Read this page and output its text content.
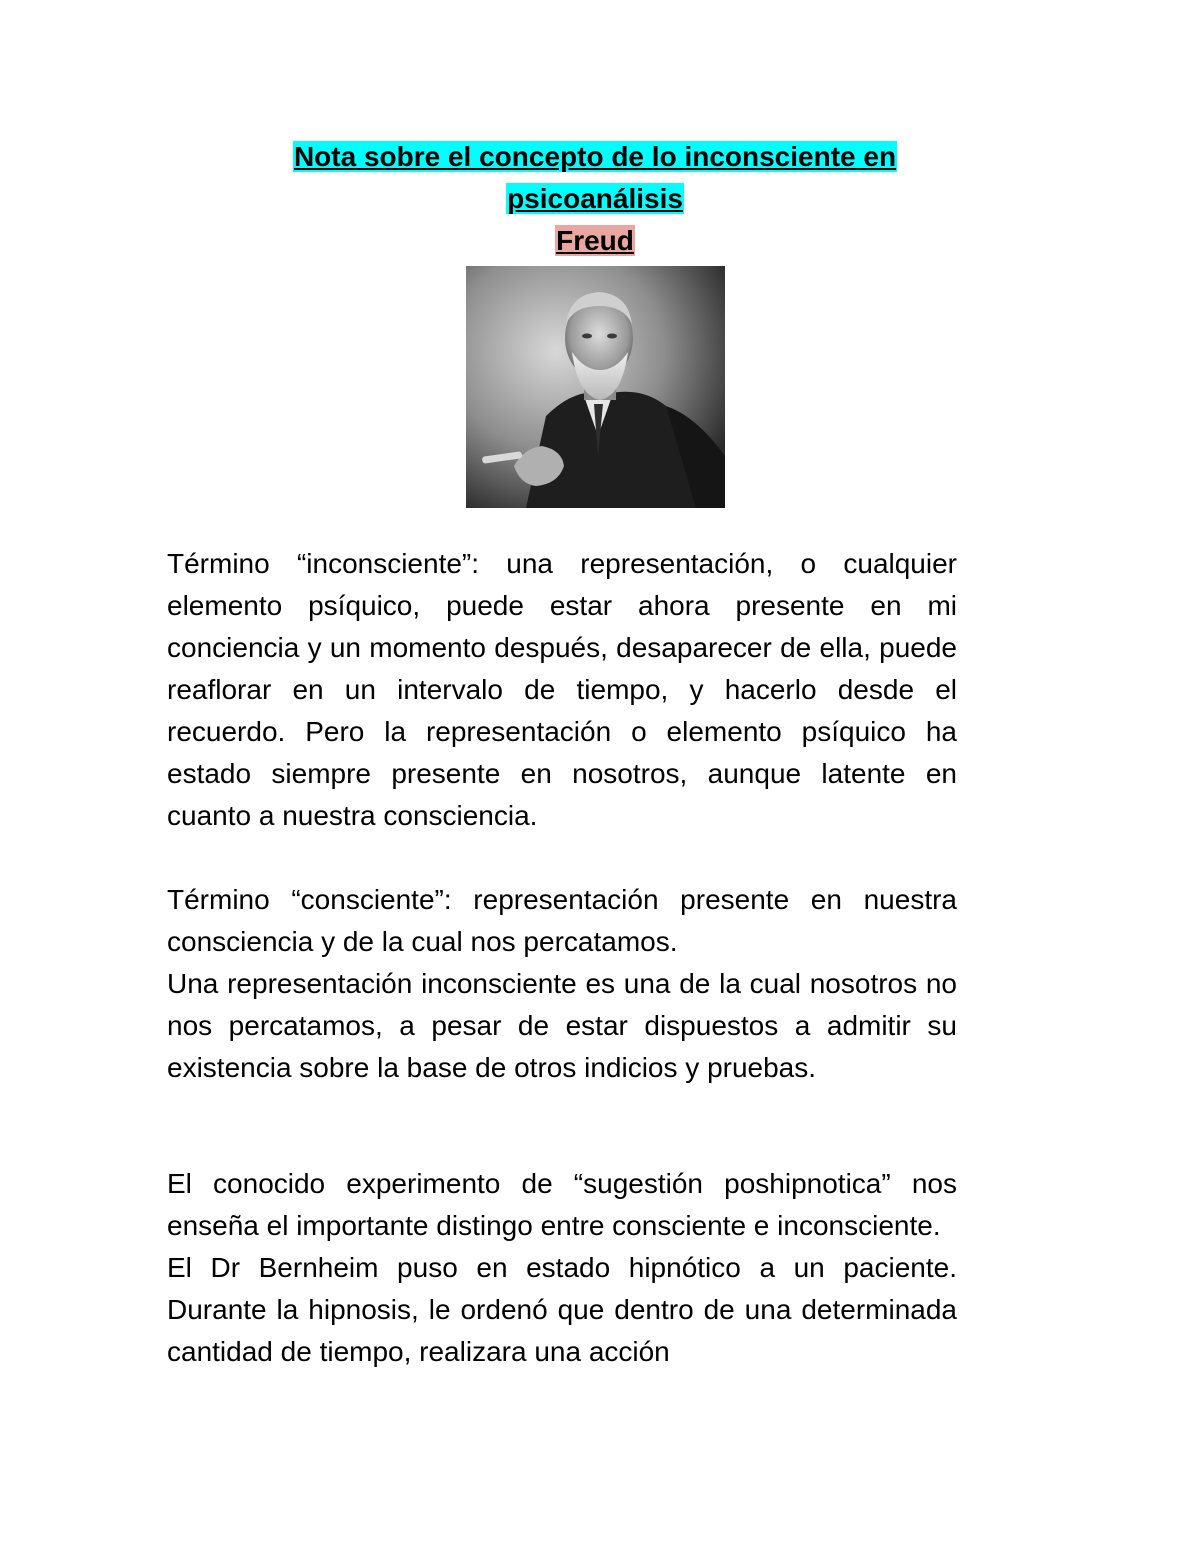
Nota sobre el concepto de lo inconsciente en
psicoanálisis
Freud

Término “inconsciente”: una representación, o cualquier elemento psíquico, puede estar ahora presente en mi conciencia y un momento después, desaparecer de ella, puede reaflorar en un intervalo de tiempo, y hacerlo desde el recuerdo. Pero la representación o elemento psíquico ha estado siempre presente en nosotros, aunque latente en cuanto a nuestra consciencia.

Término “consciente”: representación presente en nuestra consciencia y de la cual nos percatamos.

Una representación inconsciente es una de la cual nosotros no nos percatamos, a pesar de estar dispuestos a admitir su existencia sobre la base de otros indicios y pruebas.

El conocido experimento de “sugestión poshipnotica” nos enseña el importante distingo entre consciente e inconsciente.

El Dr Bernheim puso en estado hipnótico a un paciente. Durante la hipnosis, le ordenó que dentro de una determinada cantidad de tiempo, realizara una acción
